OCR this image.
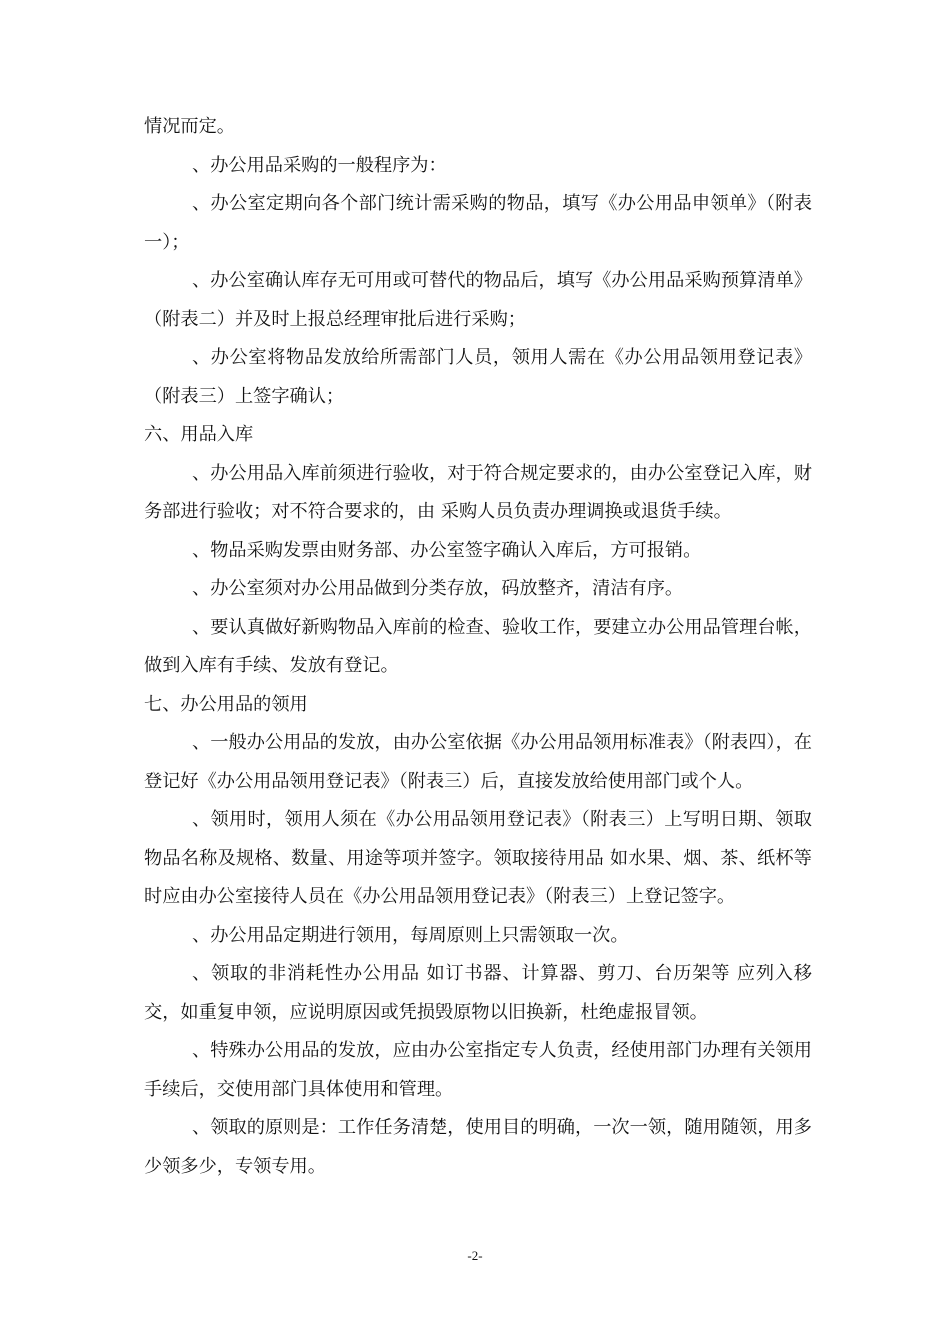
情况而定。

、办公用品采购的一般程序为：

、办公室定期向各个部门统计需采购的物品，填写《办公用品申领单》（附表一）；

、办公室确认库存无可用或可替代的物品后，填写《办公用品采购预算清单》（附表二）并及时上报总经理审批后进行采购；

、办公室将物品发放给所需部门人员，领用人需在《办公用品领用登记表》（附表三）上签字确认；

六、用品入库

、办公用品入库前须进行验收，对于符合规定要求的，由办公室登记入库，财务部进行验收；对不符合要求的，由 采购人员负责办理调换或退货手续。

、物品采购发票由财务部、办公室签字确认入库后，方可报销。

、办公室须对办公用品做到分类存放，码放整齐，清洁有序。

、要认真做好新购物品入库前的检查、验收工作，要建立办公用品管理台帐，做到入库有手续、发放有登记。

七、办公用品的领用

、一般办公用品的发放，由办公室依据《办公用品领用标准表》（附表四），在登记好《办公用品领用登记表》（附表三）后，直接发放给使用部门或个人。

、领用时，领用人须在《办公用品领用登记表》（附表三）上写明日期、领取物品名称及规格、数量、用途等项并签字。领取接待用品 如水果、烟、茶、纸杯等 时应由办公室接待人员在《办公用品领用登记表》（附表三）上登记签字。

、办公用品定期进行领用，每周原则上只需领取一次。

、领取的非消耗性办公用品 如订书器、计算器、剪刀、台历架等 应列入移交，如重复申领，应说明原因或凭损毁原物以旧换新，杜绝虚报冒领。

、特殊办公用品的发放，应由办公室指定专人负责，经使用部门办理有关领用手续后，交使用部门具体使用和管理。

、领取的原则是：工作任务清楚，使用目的明确，一次一领，随用随领，用多少领多少，专领专用。

-2-
